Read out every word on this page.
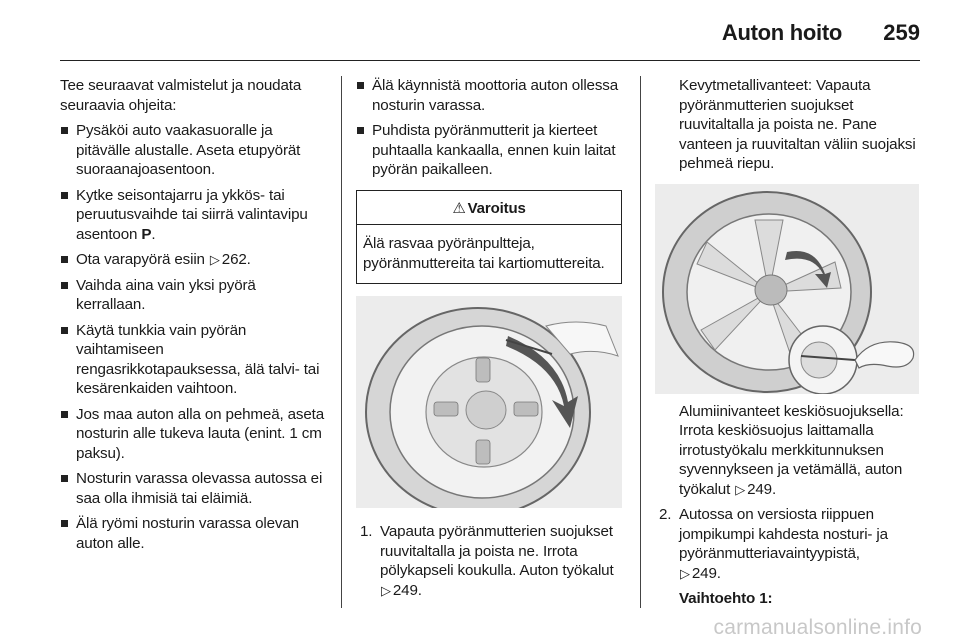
Auton hoito 259

Tee seuraavat valmistelut ja noudata seuraavia ohjeita:

Pysäköi auto vaakasuoralle ja pitävälle alustalle. Aseta etupyörät suoraanajoasentoon.
Kytke seisontajarru ja ykkös- tai peruutusvaihde tai siirrä valintavipu asentoon P.
Ota varapyörä esiin ▷ 262.
Vaihda aina vain yksi pyörä kerrallaan.
Käytä tunkkia vain pyörän vaihtamiseen rengasrikkotapauksessa, älä talvi- tai kesärenkaiden vaihtoon.
Jos maa auton alla on pehmeä, aseta nosturin alle tukeva lauta (enint. 1 cm paksu).
Nosturin varassa olevassa autossa ei saa olla ihmisiä tai eläimiä.
Älä ryömi nosturin varassa olevan auton alle.
Älä käynnistä moottoria auton ollessa nosturin varassa.
Puhdista pyöränmutterit ja kierteet puhtaalla kankaalla, ennen kuin laitat pyörän paikalleen.
⚠ Varoitus
Älä rasvaa pyöränpultteja, pyöränmuttereita tai kartiomuttereita.
1. Vapauta pyöränmutterien suojukset ruuvitaltalla ja poista ne. Irrota pölykapseli koukulla. Auton työkalut ▷ 249.

Kevytmetallivanteet: Vapauta pyöränmutterien suojukset ruuvitaltalla ja poista ne. Pane vanteen ja ruuvitaltan väliin suojaksi pehmeä riepu.

Alumiinivanteet keskiösuojuksella: Irrota keskiösuojus laittamalla irrotustyökalu merkkitunnuksen syvennykseen ja vetämällä, auton työkalut ▷ 249.

2. Autossa on versiosta riippuen jompikumpi kahdesta nosturi- ja pyöränmutteriavaintyypistä,
▷ 249.

Vaihtoehto 1:

carmanualsonline.info
